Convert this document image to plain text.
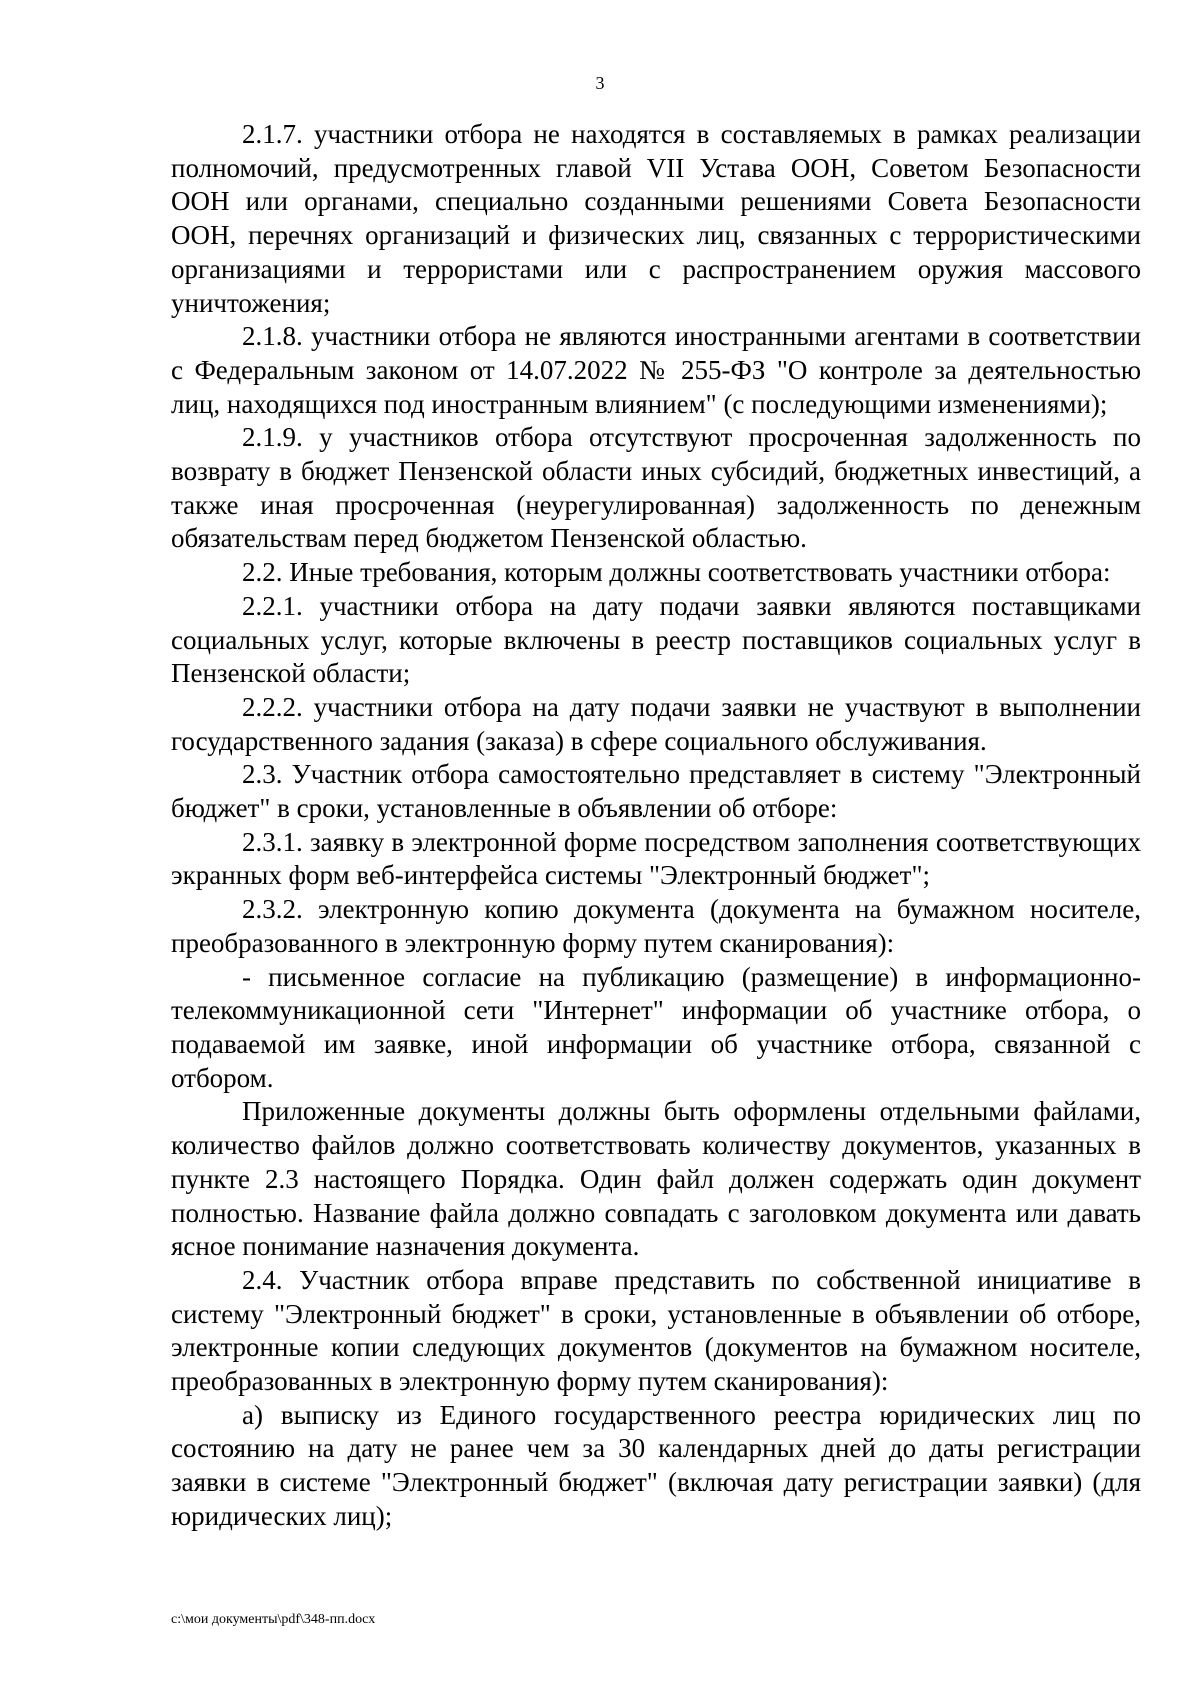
3

2.1.7. участники отбора не находятся в составляемых в рамках реализации полномочий, предусмотренных главой VII Устава ООН, Советом Безопасности ООН или органами, специально созданными решениями Совета Безопасности ООН, перечнях организаций и физических лиц, связанных с террористическими организациями и террористами или с распространением оружия массового уничтожения;

2.1.8. участники отбора не являются иностранными агентами в соответствии с Федеральным законом от 14.07.2022 № 255-ФЗ "О контроле за деятельностью лиц, находящихся под иностранным влиянием" (с последующими изменениями);

2.1.9. у участников отбора отсутствуют просроченная задолженность по возврату в бюджет Пензенской области иных субсидий, бюджетных инвестиций, а также иная просроченная (неурегулированная) задолженность по денежным обязательствам перед бюджетом Пензенской областью.

2.2. Иные требования, которым должны соответствовать участники отбора:

2.2.1. участники отбора на дату подачи заявки являются поставщиками социальных услуг, которые включены в реестр поставщиков социальных услуг в Пензенской области;

2.2.2. участники отбора на дату подачи заявки не участвуют в выполнении государственного задания (заказа) в сфере социального обслуживания.

2.3. Участник отбора самостоятельно представляет в систему "Электронный бюджет" в сроки, установленные в объявлении об отборе:

2.3.1. заявку в электронной форме посредством заполнения соответствующих экранных форм веб-интерфейса системы "Электронный бюджет";

2.3.2. электронную копию документа (документа на бумажном носителе, преобразованного в электронную форму путем сканирования):

- письменное согласие на публикацию (размещение) в информационно-телекоммуникационной сети "Интернет" информации об участнике отбора, о подаваемой им заявке, иной информации об участнике отбора, связанной с отбором.

Приложенные документы должны быть оформлены отдельными файлами, количество файлов должно соответствовать количеству документов, указанных в пункте 2.3 настоящего Порядка. Один файл должен содержать один документ полностью. Название файла должно совпадать с заголовком документа или давать ясное понимание назначения документа.

2.4. Участник отбора вправе представить по собственной инициативе в систему "Электронный бюджет" в сроки, установленные в объявлении об отборе, электронные копии следующих документов (документов на бумажном носителе, преобразованных в электронную форму путем сканирования):

а) выписку из Единого государственного реестра юридических лиц по состоянию на дату не ранее чем за 30 календарных дней до даты регистрации заявки в системе "Электронный бюджет" (включая дату регистрации заявки) (для юридических лиц);

c:\мои документы\pdf\348-пп.docx
